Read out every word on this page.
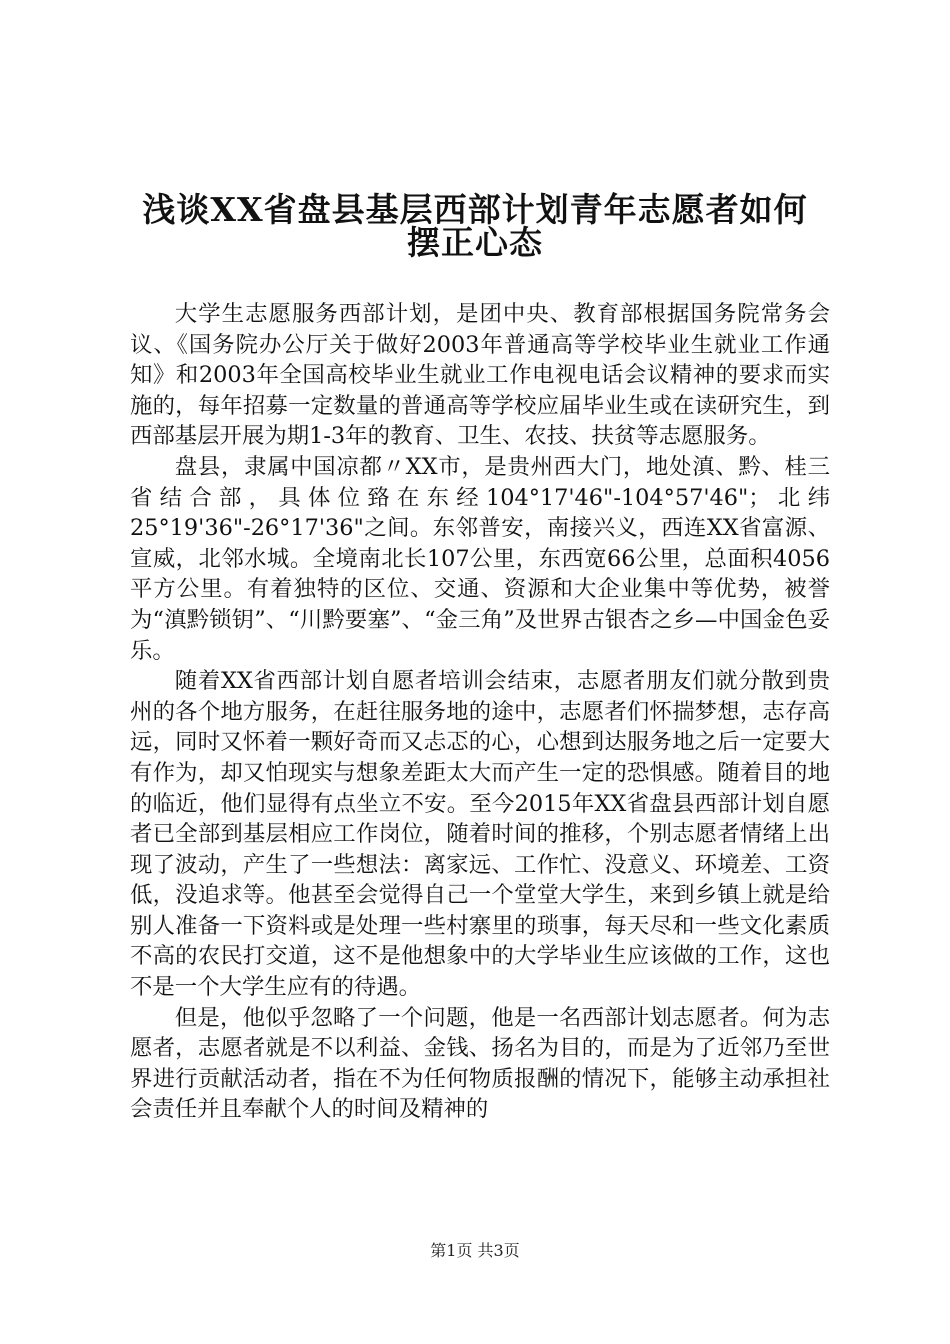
浅谈XX省盘县基层西部计划青年志愿者如何
摆正心态

大学生志愿服务西部计划，是团中央、教育部根据国务院常务会议、《国务院办公厅关于做好2003年普通高等学校毕业生就业工作通知》和2003年全国高校毕业生就业工作电视电话会议精神的要求而实施的，每年招募一定数量的普通高等学校应届毕业生或在读研究生，到西部基层开展为期1-3年的教育、卫生、农技、扶贫等志愿服务。

盘县，隶属中国凉都〃XX市，是贵州西大门，地处滇、黔、桂三省结合部，具体位臵在东经104°17'46"-104°57'46"；北纬25°19'36"-26°17'36"之间。东邻普安，南接兴义，西连XX省富源、宣威，北邻水城。全境南北长107公里，东西宽66公里，总面积4056平方公里。有着独特的区位、交通、资源和大企业集中等优势，被誉为“滇黔锁钥”、“川黔要塞”、“金三角”及世界古银杏之乡—中国金色妥乐。

随着XX省西部计划自愿者培训会结束，志愿者朋友们就分散到贵州的各个地方服务，在赶往服务地的途中，志愿者们怀揣梦想，志存高远，同时又怀着一颗好奇而又忐忑的心，心想到达服务地之后一定要大有作为，却又怕现实与想象差距太大而产生一定的恐惧感。随着目的地的临近，他们显得有点坐立不安。至今2015年XX省盘县西部计划自愿者已全部到基层相应工作岗位，随着时间的推移，个别志愿者情绪上出现了波动，产生了一些想法：离家远、工作忙、没意义、环境差、工资低，没追求等。他甚至会觉得自己一个堂堂大学生，来到乡镇上就是给别人准备一下资料或是处理一些村寨里的琐事，每天尽和一些文化素质不高的农民打交道，这不是他想象中的大学毕业生应该做的工作，这也不是一个大学生应有的待遇。

但是，他似乎忽略了一个问题，他是一名西部计划志愿者。何为志愿者，志愿者就是不以利益、金钱、扬名为目的，而是为了近邻乃至世界进行贡献活动者，指在不为任何物质报酬的情况下，能够主动承担社会责任并且奉献个人的时间及精神的

第1页 共3页
